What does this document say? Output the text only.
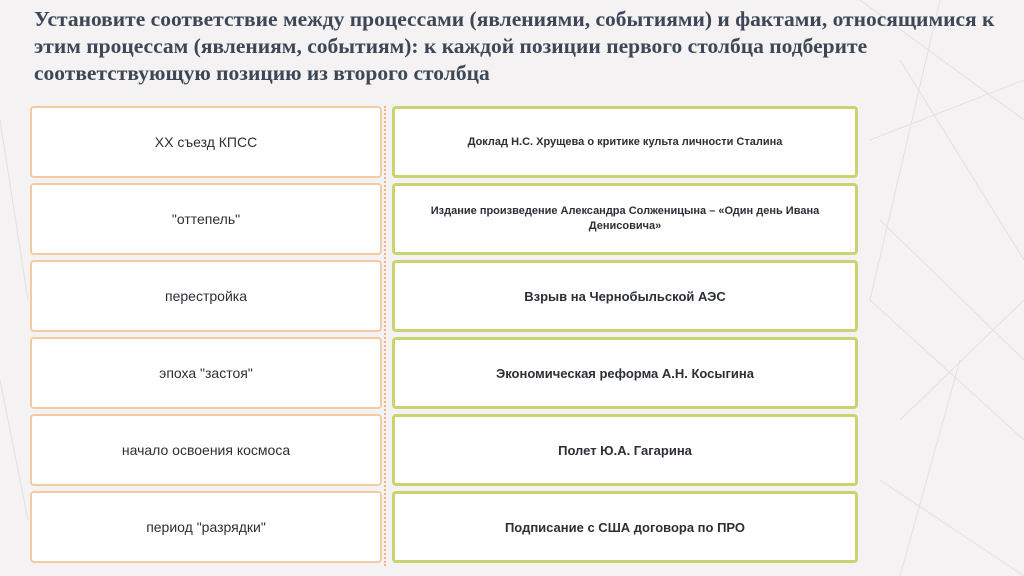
Установите соответствие между процессами (явлениями, событиями) и фактами, относящимися к этим процессам (явлениям, событиям): к каждой позиции первого столбца подберите соответствующую позицию из второго столбца
XX съезд КПСС
"оттепель"
перестройка
эпоха "застоя"
начало освоения космоса
период "разрядки"
Доклад Н.С. Хрущева о критике культа личности Сталина
Издание произведение Александра Солженицына – «Один день Ивана Денисовича»
Взрыв на Чернобыльской АЭС
Экономическая реформа А.Н. Косыгина
Полет Ю.А. Гагарина
Подписание с США договора по ПРО
